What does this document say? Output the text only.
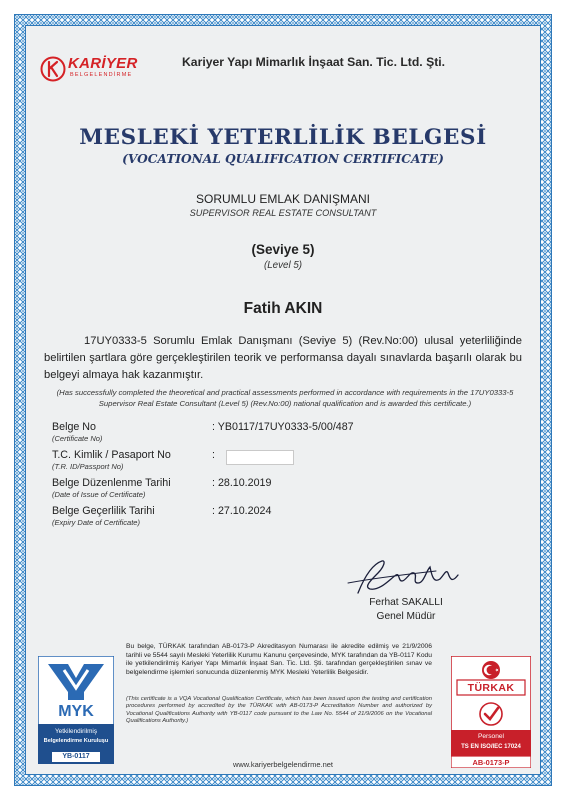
KARİYER
BELGELENDİRME
Kariyer Yapı Mimarlık İnşaat San. Tic. Ltd. Şti.
MESLEKİ YETERLİLİK BELGESİ
(VOCATIONAL QUALIFICATION CERTIFICATE)
SORUMLU EMLAK DANIŞMANI
SUPERVISOR REAL ESTATE CONSULTANT
(Seviye 5)
(Level 5)
Fatih AKIN
17UY0333-5 Sorumlu Emlak Danışmanı (Seviye 5) (Rev.No:00) ulusal yeterliliğinde belirtilen şartlara göre gerçekleştirilen teorik ve performansa dayalı sınavlarda başarılı olarak bu belgeyi almaya hak kazanmıştır.
(Has successfully completed the theoretical and practical assessments performed in accordance with requirements in the 17UY0333-5 Supervisor Real Estate Consultant (Level 5) (Rev.No:00) national qualification and is awarded this certificate.)
Belge No
(Certificate No)
: YB0117/17UY0333-5/00/487
T.C. Kimlik / Pasaport No
(T.R. ID/Passport No)
:
Belge Düzenlenme Tarihi
(Date of Issue of Certificate)
: 28.10.2019
Belge Geçerlilik Tarihi
(Expiry Date of Certificate)
: 27.10.2024
Ferhat SAKALLI
Genel Müdür
MYK
Yetkilendirilmiş
Belgelendirme Kuruluşu
YB-0117
Bu belge, TÜRKAK tarafından AB-0173-P Akreditasyon Numarası ile akredite edilmiş ve 21/9/2006 tarihli ve 5544 sayılı Mesleki Yeterlilik Kurumu Kanunu çerçevesinde, MYK tarafından da YB-0117 Kodu ile yetkilendirilmiş Kariyer Yapı Mimarlık İnşaat San. Tic. Ltd. Şti. tarafından gerçekleştirilen sınav ve belgelendirme işlemleri sonucunda düzenlenmiş MYK Mesleki Yeterlilik Belgesidir.
(This certificate is a VQA Vocational Qualification Certificate, which has been issued upon the testing and certification procedures performed by accredited by the TÜRKAK with AB-0173-P Accreditation Number and authorized by Vocational Qualifications Authority with YB-0117 code pursuant to the Law No. 5544 of 21/9/2006 on the Vocational Qualifications Authority.)
TÜRKAK
Personel
TS EN ISO/IEC 17024
AB-0173-P
www.kariyerbelgelendirme.net
